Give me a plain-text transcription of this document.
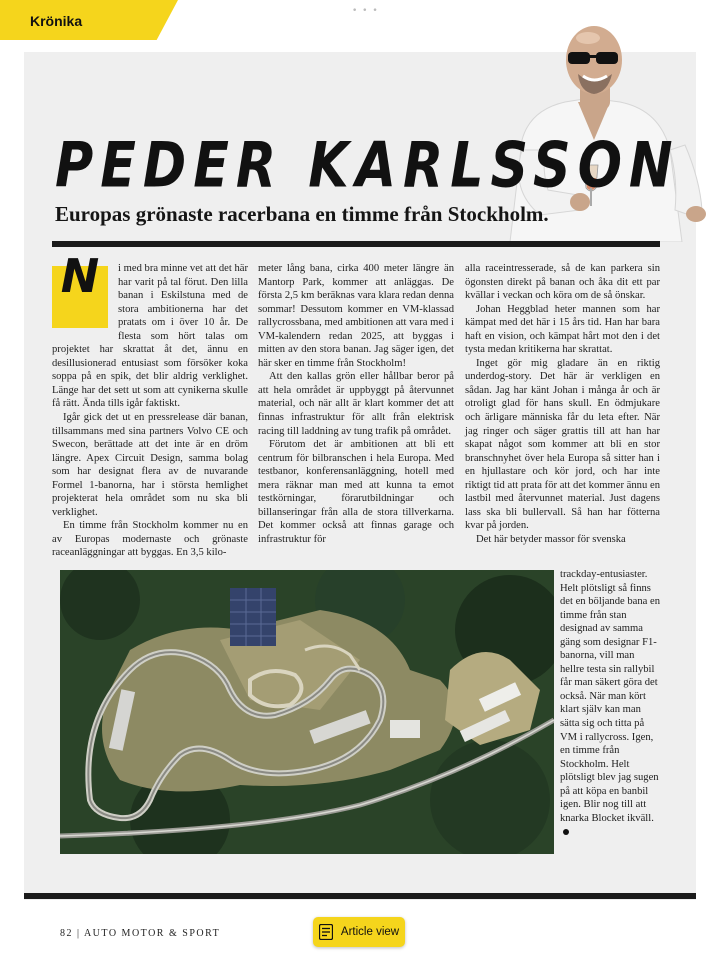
Krönika
• • •
PEDER KARLSSON
Europas grönaste racerbana en timme från Stockholm.
N	i med bra minne vet att det här har varit på tal förut. Den lilla banan i Eskilstuna med de stora ambitionerna har det pratats om i över 10 år. De flesta som hört talas om projektet har skrattat åt det, ännu en desillusionerad entusiast som försöker koka soppa på en spik, det blir aldrig verklighet. Länge har det sett ut som att cynikerna skulle få rätt. Ända tills igår faktiskt.

Igår gick det ut en pressrelease där banan, tillsammans med sina partners Volvo CE och Swecon, berättade att det inte är en dröm längre. Apex Circuit Design, samma bolag som har designat flera av de nuvarande Formel 1-banorna, har i största hemlighet projekterat hela området som nu ska bli verklighet.

En timme från Stockholm kommer nu en av Europas modernaste och grönaste raceanläggningar att byggas. En 3,5 kilo-

meter lång bana, cirka 400 meter längre än Mantorp Park, kommer att anläggas. De första 2,5 km beräknas vara klara redan denna sommar! Dessutom kommer en VM-klassad rallycrossbana, med ambitionen att vara med i VM-kalendern redan 2025, att byggas i mitten av den stora banan. Jag säger igen, det här sker en timme från Stockholm!

Att den kallas grön eller hållbar beror på att hela området är uppbyggt på återvunnet material, och när allt är klart kommer det att finnas infrastruktur för allt från elektrisk racing till laddning av tung trafik på området.

Förutom det är ambitionen att bli ett centrum för bilbranschen i hela Europa. Med testbanor, konferensanläggning, hotell med mera räknar man med att kunna ta emot testkörningar, förarutbildningar och billanseringar från alla de stora tillverkarna. Det kommer också att finnas garage och infrastruktur för

alla raceintresserade, så de kan parkera sin ögonsten direkt på banan och åka dit ett par kvällar i veckan och köra om de så önskar.

Johan Heggblad heter mannen som har kämpat med det här i 15 års tid. Han har bara haft en vision, och kämpat hårt mot den i det tysta medan kritikerna har skrattat.

Inget gör mig gladare än en riktig underdog-story. Det här är verkligen en sådan. Jag har känt Johan i många år och är otroligt glad för hans skull. En ödmjukare och ärligare människa får du leta efter. När jag ringer och säger grattis till att han har skapat något som kommer att bli en stor branschnyhet över hela Europa så sitter han i en hjullastare och kör jord, och har inte riktigt tid att prata för att det kommer ännu en lastbil med återvunnet material. Just dagens lass ska bli bullervall. Så han har fötterna kvar på jorden.

Det här betyder massor för svenska

trackday-entusiaster. Helt plötsligt så finns det en böljande bana en timme från stan designad av samma gäng som designar F1-banorna, vill man hellre testa sin rallybil får man säkert göra det också. När man kört klart själv kan man sätta sig och titta på VM i rallycross. Igen, en timme från Stockholm. Helt plötsligt blev jag sugen på att köpa en banbil igen. Blir nog till att knarka Blocket ikväll.

82 | AUTO MOTOR & SPORT	Article view
